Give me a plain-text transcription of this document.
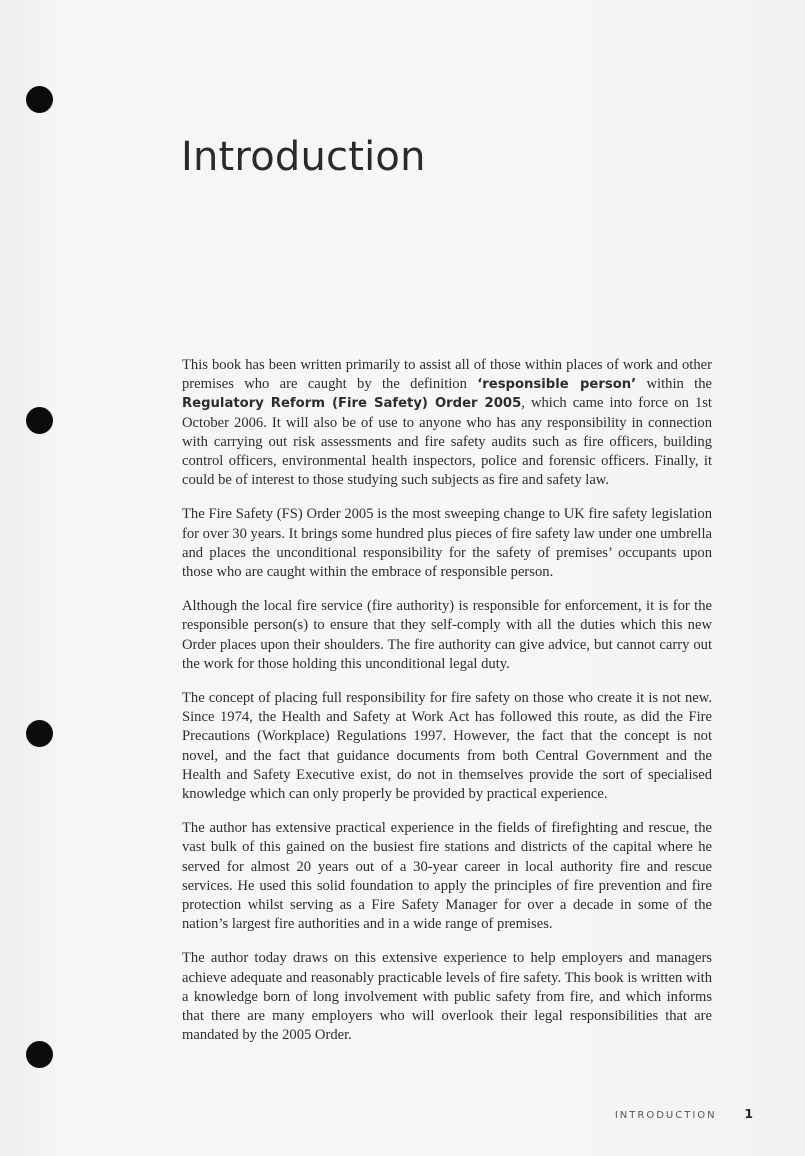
Introduction

This book has been written primarily to assist all of those within places of work and other premises who are caught by the definition ‘responsible person’ within the Regulatory Reform (Fire Safety) Order 2005, which came into force on 1st October 2006. It will also be of use to anyone who has any responsibility in connection with carrying out risk assessments and fire safety audits such as fire officers, building control officers, environmental health inspectors, police and forensic officers. Finally, it could be of interest to those studying such subjects as fire and safety law.

The Fire Safety (FS) Order 2005 is the most sweeping change to UK fire safety legislation for over 30 years. It brings some hundred plus pieces of fire safety law under one umbrella and places the unconditional responsibility for the safety of premises’ occupants upon those who are caught within the embrace of responsible person.

Although the local fire service (fire authority) is responsible for enforcement, it is for the responsible person(s) to ensure that they self-comply with all the duties which this new Order places upon their shoulders. The fire authority can give advice, but cannot carry out the work for those holding this unconditional legal duty.

The concept of placing full responsibility for fire safety on those who create it is not new. Since 1974, the Health and Safety at Work Act has followed this route, as did the Fire Precautions (Workplace) Regulations 1997. However, the fact that the concept is not novel, and the fact that guidance documents from both Central Government and the Health and Safety Executive exist, do not in themselves provide the sort of specialised knowledge which can only properly be provided by practical experience.

The author has extensive practical experience in the fields of firefighting and rescue, the vast bulk of this gained on the busiest fire stations and districts of the capital where he served for almost 20 years out of a 30-year career in local authority fire and rescue services. He used this solid foundation to apply the principles of fire prevention and fire protection whilst serving as a Fire Safety Manager for over a decade in some of the nation’s largest fire authorities and in a wide range of premises.

The author today draws on this extensive experience to help employers and managers achieve adequate and reasonably practicable levels of fire safety. This book is written with a knowledge born of long involvement with public safety from fire, and which informs that there are many employers who will overlook their legal responsibilities that are mandated by the 2005 Order.

INTRODUCTION 1
